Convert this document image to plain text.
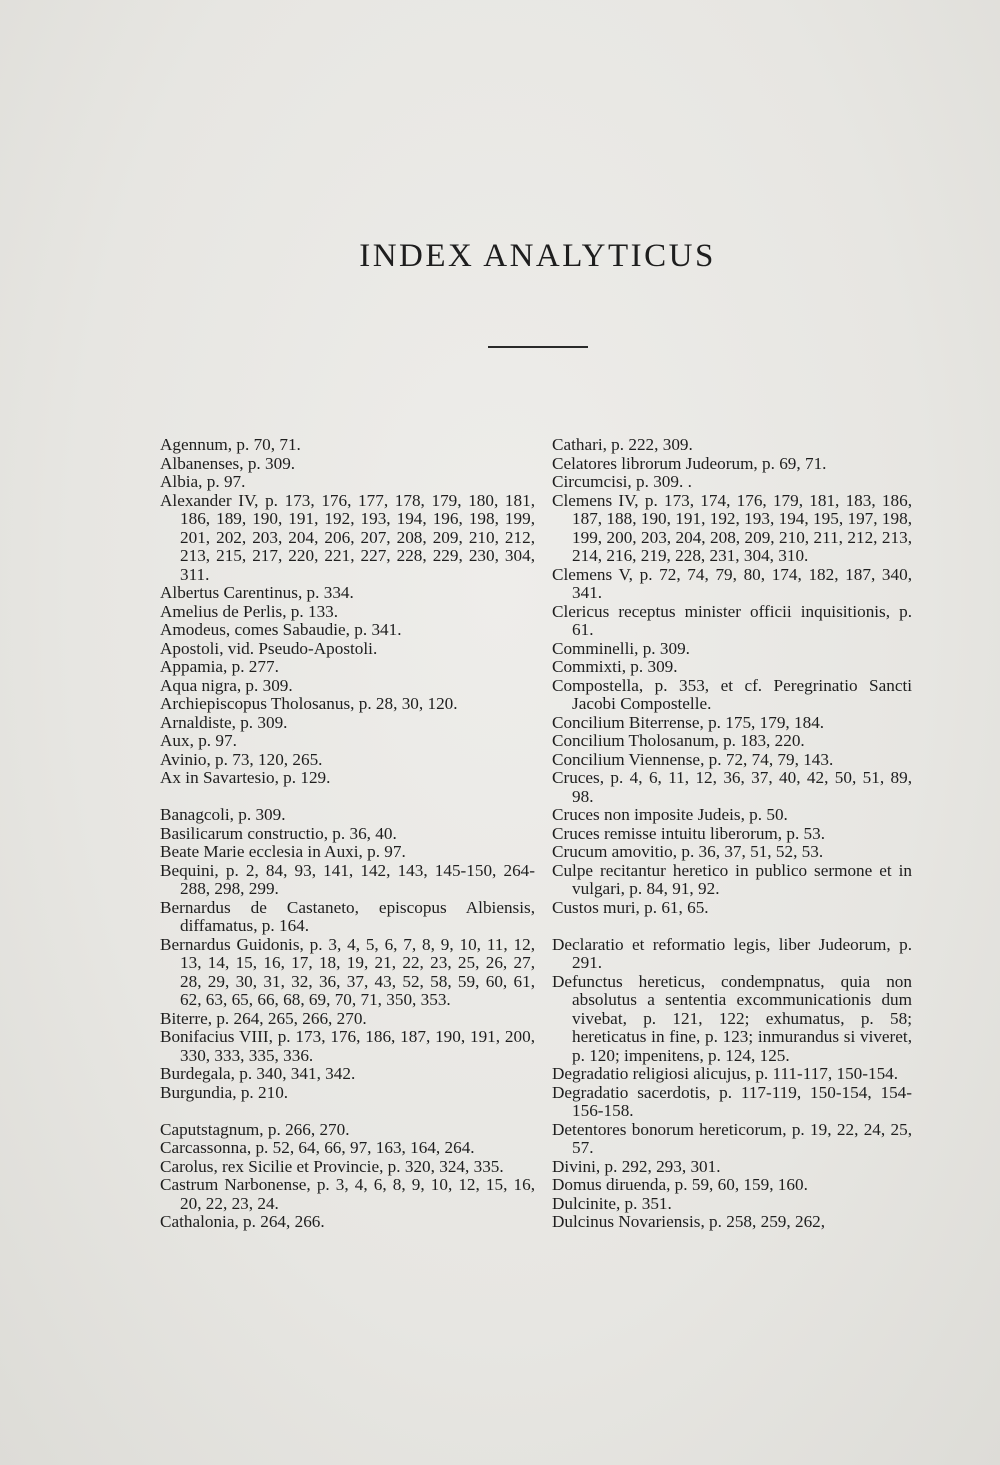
INDEX ANALYTICUS
Agennum, p. 70, 71.
Albanenses, p. 309.
Albia, p. 97.
Alexander IV, p. 173, 176, 177, 178, 179, 180, 181, 186, 189, 190, 191, 192, 193, 194, 196, 198, 199, 201, 202, 203, 204, 206, 207, 208, 209, 210, 212, 213, 215, 217, 220, 221, 227, 228, 229, 230, 304, 311.
Albertus Carentinus, p. 334.
Amelius de Perlis, p. 133.
Amodeus, comes Sabaudie, p. 341.
Apostoli, vid. Pseudo-Apostoli.
Appamia, p. 277.
Aqua nigra, p. 309.
Archiepiscopus Tholosanus, p. 28, 30, 120.
Arnaldiste, p. 309.
Aux, p. 97.
Avinio, p. 73, 120, 265.
Ax in Savartesio, p. 129.
Banagcoli, p. 309.
Basilicarum constructio, p. 36, 40.
Beate Marie ecclesia in Auxi, p. 97.
Bequini, p. 2, 84, 93, 141, 142, 143, 145-150, 264-288, 298, 299.
Bernardus de Castaneto, episcopus Albiensis, diffamatus, p. 164.
Bernardus Guidonis, p. 3, 4, 5, 6, 7, 8, 9, 10, 11, 12, 13, 14, 15, 16, 17, 18, 19, 21, 22, 23, 25, 26, 27, 28, 29, 30, 31, 32, 36, 37, 43, 52, 58, 59, 60, 61, 62, 63, 65, 66, 68, 69, 70, 71, 350, 353.
Biterre, p. 264, 265, 266, 270.
Bonifacius VIII, p. 173, 176, 186, 187, 190, 191, 200, 330, 333, 335, 336.
Burdegala, p. 340, 341, 342.
Burgundia, p. 210.
Caputstagnum, p. 266, 270.
Carcassonna, p. 52, 64, 66, 97, 163, 164, 264.
Carolus, rex Sicilie et Provincie, p. 320, 324, 335.
Castrum Narbonense, p. 3, 4, 6, 8, 9, 10, 12, 15, 16, 20, 22, 23, 24.
Cathalonia, p. 264, 266.
Cathari, p. 222, 309.
Celatores librorum Judeorum, p. 69, 71.
Circumcisi, p. 309. .
Clemens IV, p. 173, 174, 176, 179, 181, 183, 186, 187, 188, 190, 191, 192, 193, 194, 195, 197, 198, 199, 200, 203, 204, 208, 209, 210, 211, 212, 213, 214, 216, 219, 228, 231, 304, 310.
Clemens V, p. 72, 74, 79, 80, 174, 182, 187, 340, 341.
Clericus receptus minister officii inquisitionis, p. 61.
Comminelli, p. 309.
Commixti, p. 309.
Compostella, p. 353, et cf. Peregrinatio Sancti Jacobi Compostelle.
Concilium Biterrense, p. 175, 179, 184.
Concilium Tholosanum, p. 183, 220.
Concilium Viennense, p. 72, 74, 79, 143.
Cruces, p. 4, 6, 11, 12, 36, 37, 40, 42, 50, 51, 89, 98.
Cruces non imposite Judeis, p. 50.
Cruces remisse intuitu liberorum, p. 53.
Crucum amovitio, p. 36, 37, 51, 52, 53.
Culpe recitantur heretico in publico sermone et in vulgari, p. 84, 91, 92.
Custos muri, p. 61, 65.
Declaratio et reformatio legis, liber Judeorum, p. 291.
Defunctus hereticus, condempnatus, quia non absolutus a sententia excommunicationis dum vivebat, p. 121, 122; exhumatus, p. 58; hereticatus in fine, p. 123; inmurandus si viveret, p. 120; impenitens, p. 124, 125.
Degradatio religiosi alicujus, p. 111-117, 150-154.
Degradatio sacerdotis, p. 117-119, 150-154, 154-156-158.
Detentores bonorum hereticorum, p. 19, 22, 24, 25, 57.
Divini, p. 292, 293, 301.
Domus diruenda, p. 59, 60, 159, 160.
Dulcinite, p. 351.
Dulcinus Novariensis, p. 258, 259, 262,
